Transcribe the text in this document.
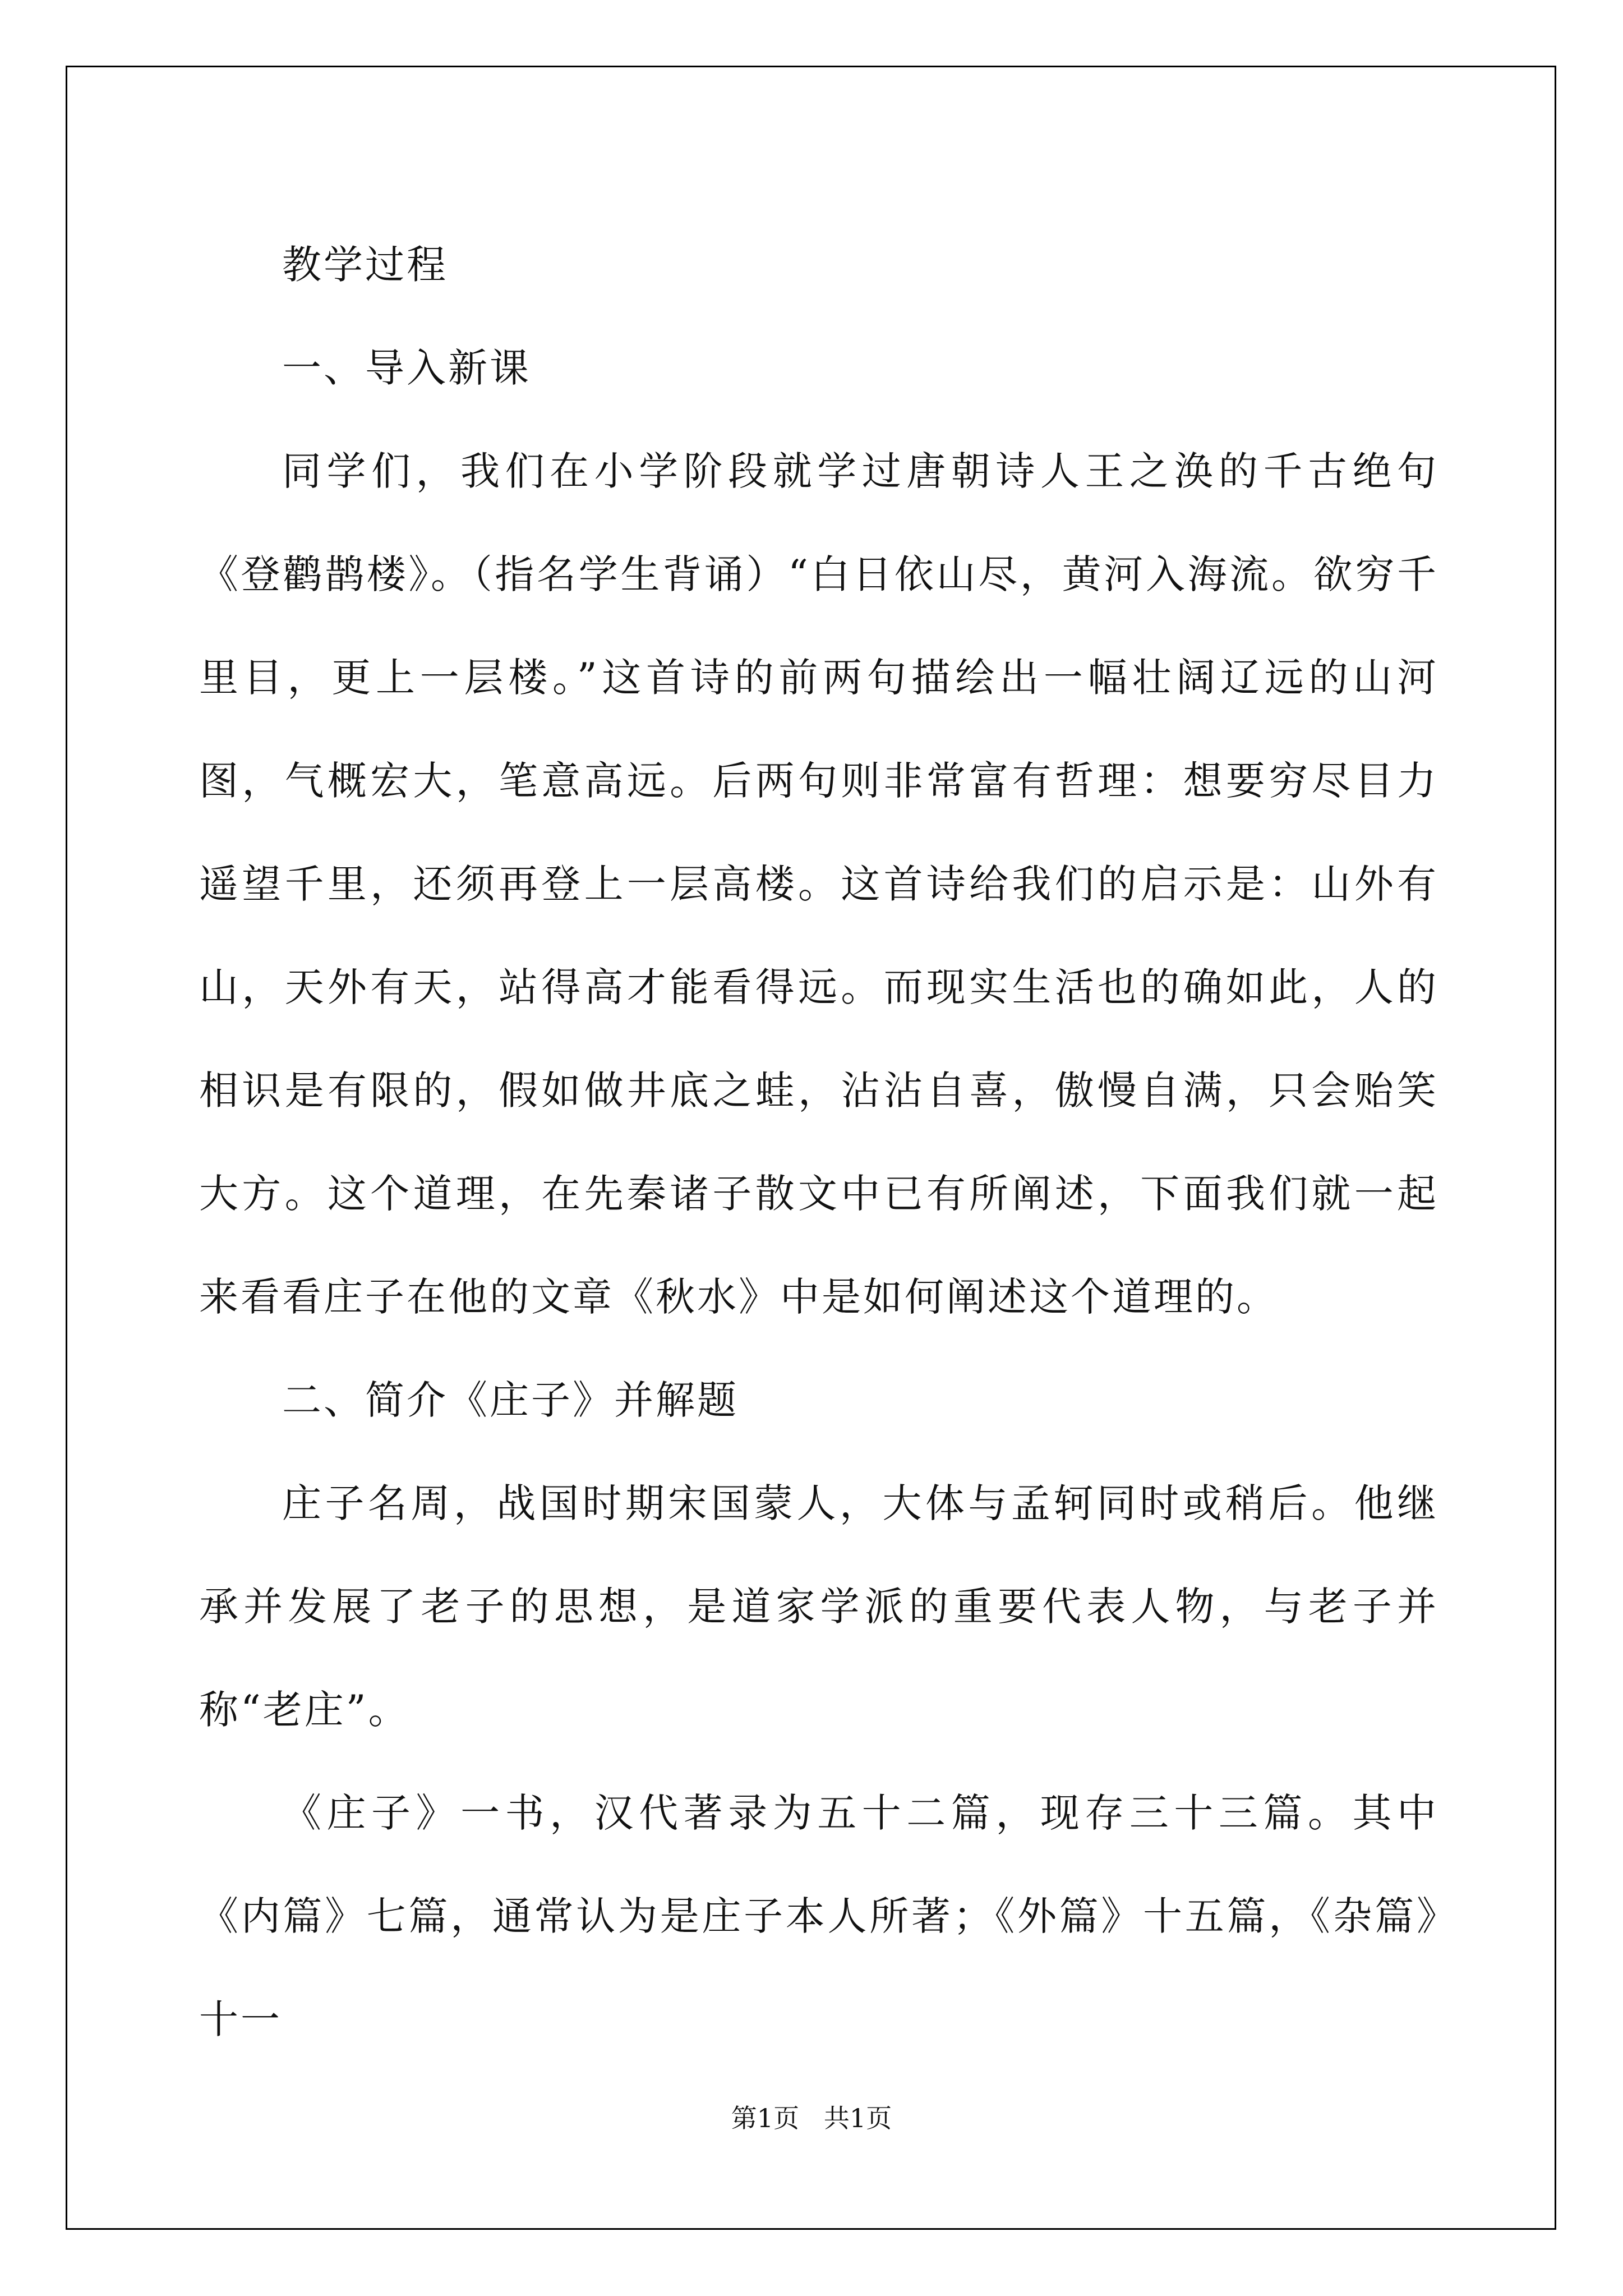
教学过程

一、导入新课

同学们，我们在小学阶段就学过唐朝诗人王之涣的千古绝句《登鹳鹊楼》。（指名学生背诵）“白日依山尽，黄河入海流。欲穷千里目，更上一层楼。”这首诗的前两句描绘出一幅壮阔辽远的山河图，气概宏大，笔意高远。后两句则非常富有哲理：想要穷尽目力遥望千里，还须再登上一层高楼。这首诗给我们的启示是：山外有山，天外有天，站得高才能看得远。而现实生活也的确如此，人的相识是有限的，假如做井底之蛙，沾沾自喜，傲慢自满，只会贻笑大方。这个道理，在先秦诸子散文中已有所阐述，下面我们就一起来看看庄子在他的文章《秋水》中是如何阐述这个道理的。

二、简介《庄子》并解题

庄子名周，战国时期宋国蒙人，大体与孟轲同时或稍后。他继承并发展了老子的思想，是道家学派的重要代表人物，与老子并称“老庄”。

《庄子》一书，汉代著录为五十二篇，现存三十三篇。其中《内篇》七篇，通常认为是庄子本人所著；《外篇》十五篇，《杂篇》十一

第1页   共1页
